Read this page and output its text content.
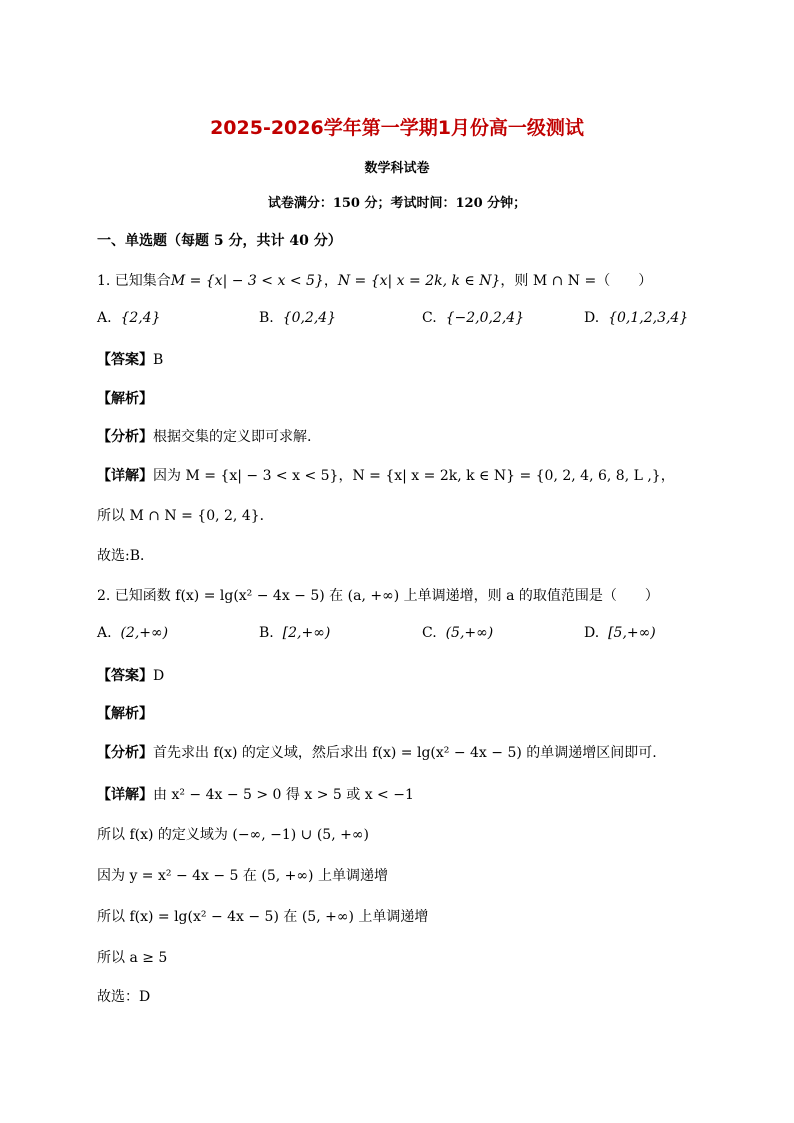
2025-2026学年第一学期1月份高一级测试
数学科试卷
试卷满分：150 分；考试时间：120 分钟；
一、单选题（每题 5 分，共计 40 分）
1. 已知集合M = {x| − 3 < x < 5}，N = {x| x = 2k, k ∈ N}，则 M ∩ N =（　　）
A. {2,4}	B. {0,2,4}	C. {−2,0,2,4}	D. {0,1,2,3,4}
【答案】B
【解析】
【分析】根据交集的定义即可求解.
【详解】因为 M = {x| − 3 < x < 5}，N = {x| x = 2k, k ∈ N} = {0, 2, 4, 6, 8, L ,}，
所以 M ∩ N = {0, 2, 4}．
故选:B．
2. 已知函数 f(x) = lg(x² − 4x − 5) 在 (a, +∞) 上单调递增，则 a 的取值范围是（　　）
A. (2,+∞)	B. [2,+∞)	C. (5,+∞)	D. [5,+∞)
【答案】D
【解析】
【分析】首先求出 f(x) 的定义域，然后求出 f(x) = lg(x² − 4x − 5) 的单调递增区间即可.
【详解】由 x² − 4x − 5 > 0 得 x > 5 或 x < −1
所以 f(x) 的定义域为 (−∞, −1) ∪ (5, +∞)
因为 y = x² − 4x − 5 在 (5, +∞) 上单调递增
所以 f(x) = lg(x² − 4x − 5) 在 (5, +∞) 上单调递增
所以 a ≥ 5
故选：D
